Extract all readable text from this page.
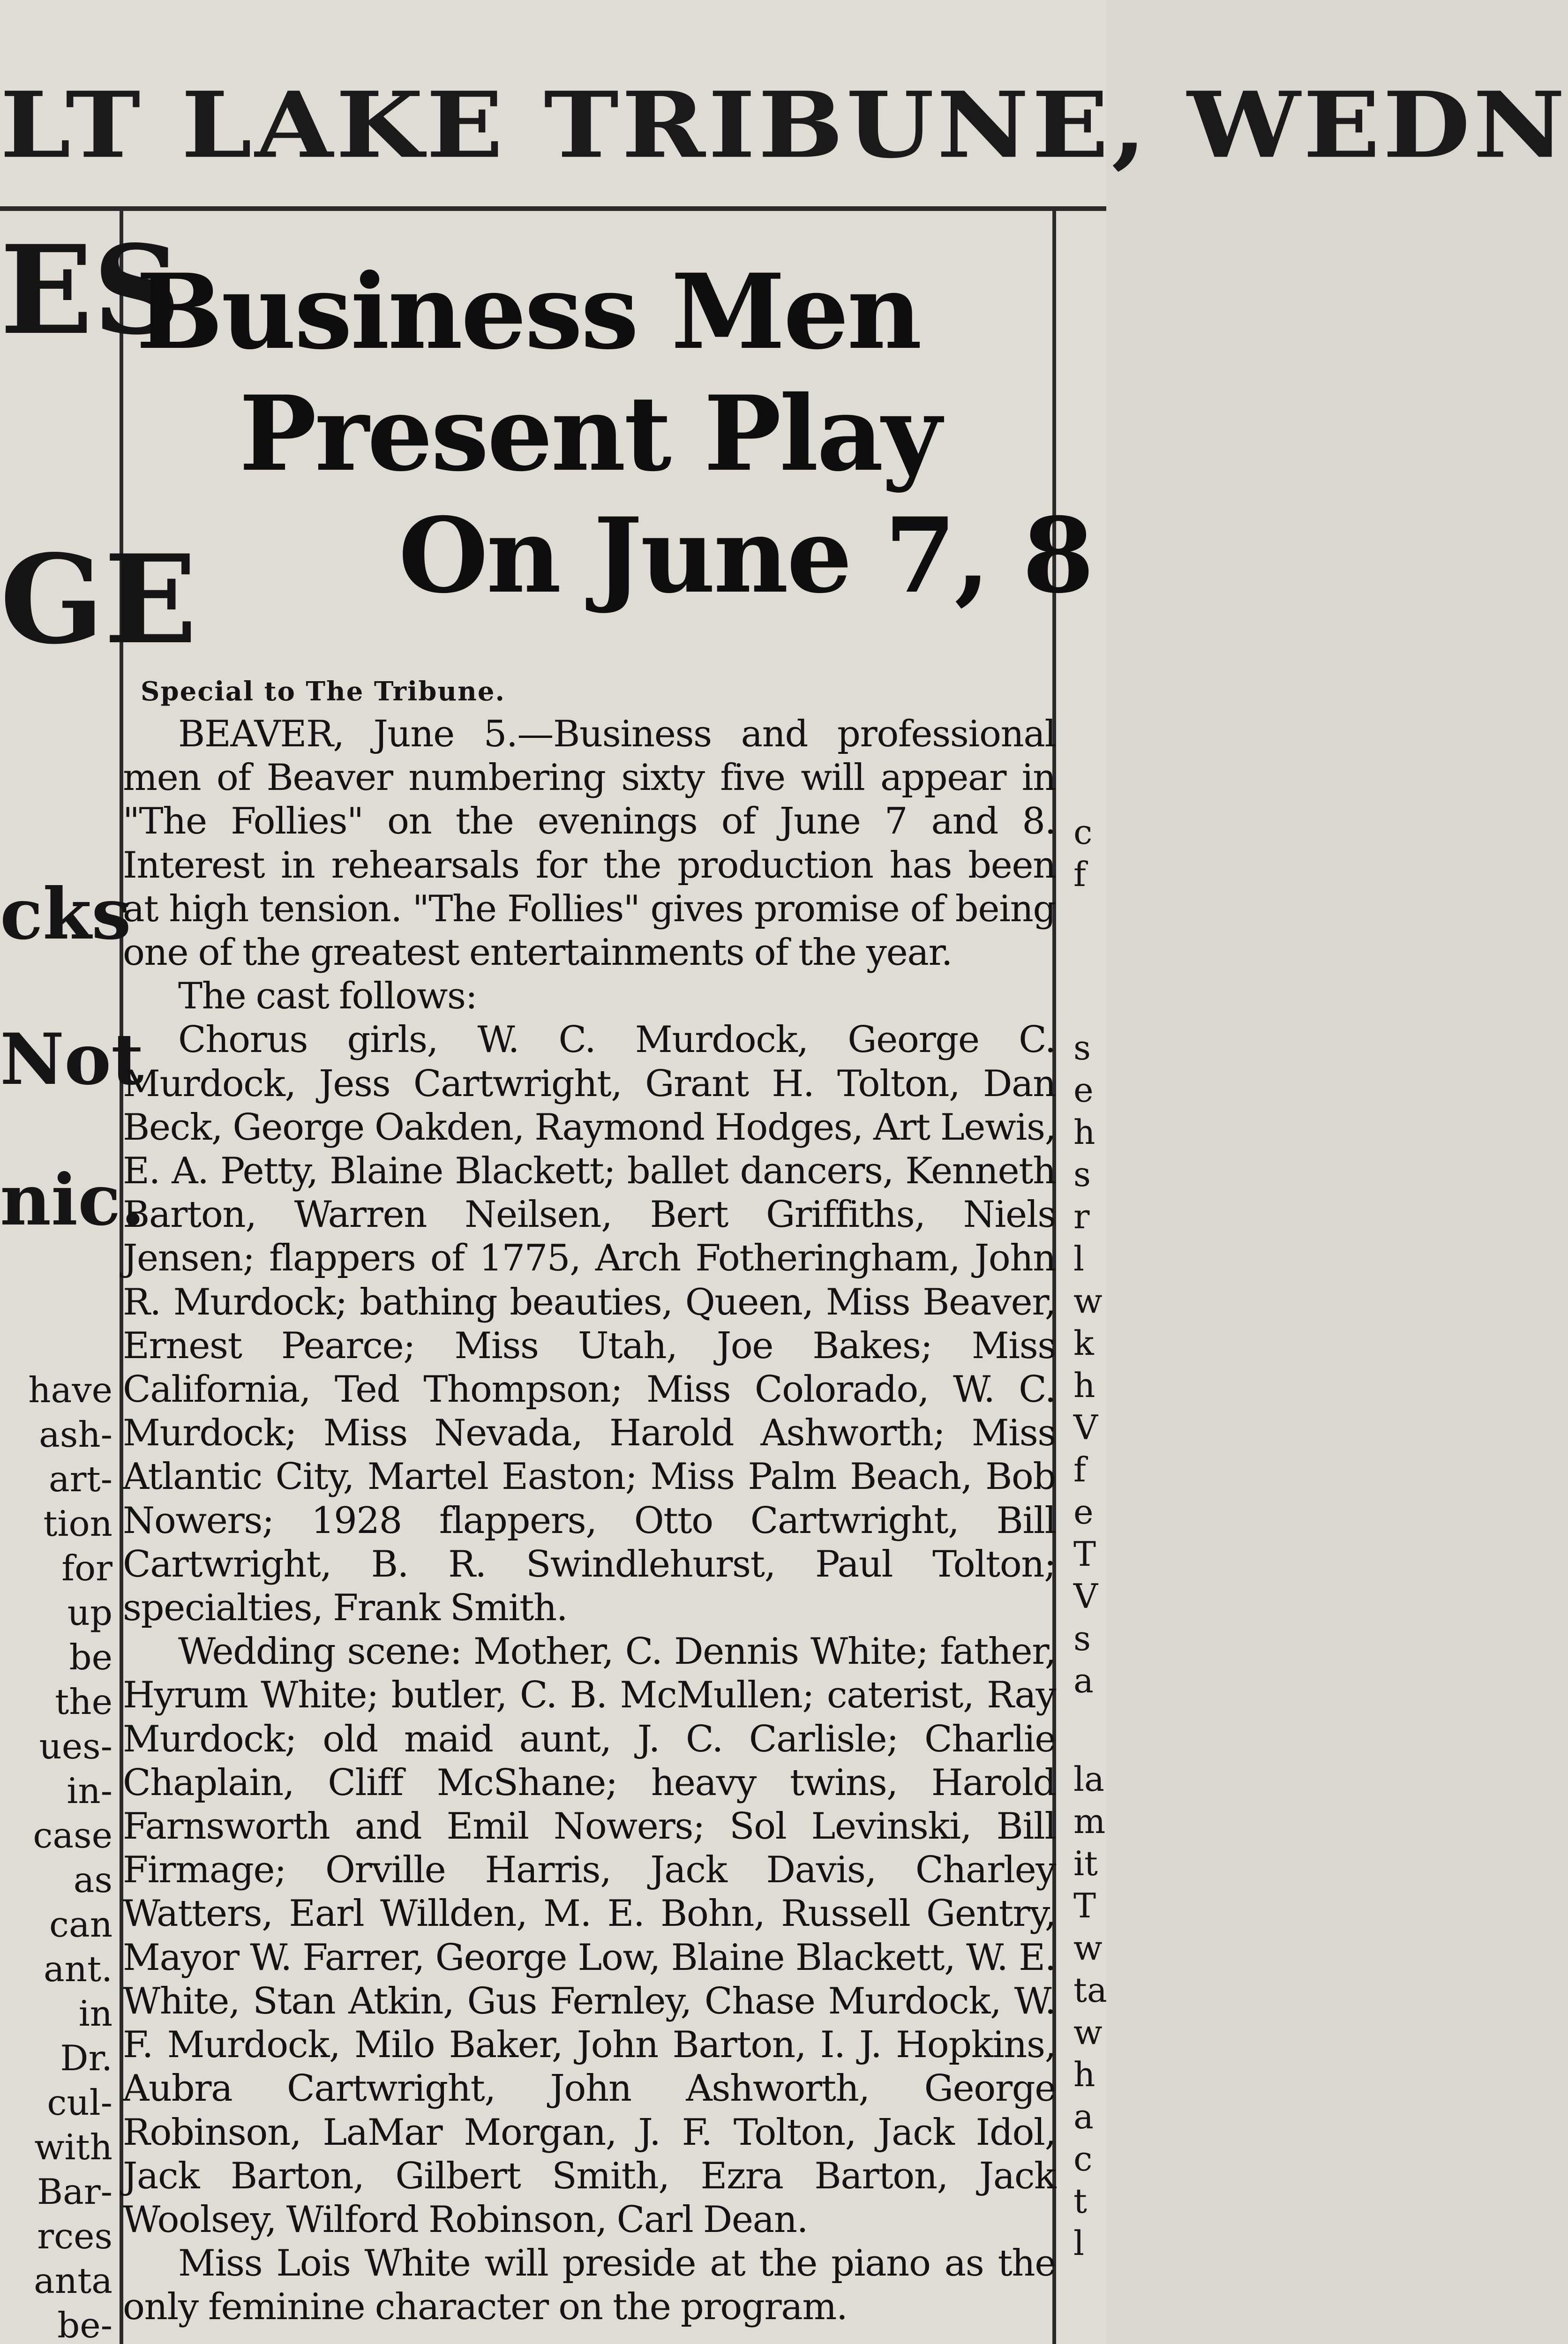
LT LAKE TRIBUNE, WEDN
ES
GE
cks
Not
nic.
have
ash-
art-
tion
for
up
be
the
ues-
in-
case
as
can
ant.
in
Dr.
cul-
with
Bar-
rces
anta
be-
c
f
s
e
h
s
r
l
w
k
h
V
f
e
T
V
s
a
la
m
it
T
w
ta
w
h
a
c
t
l
Business Men
Present Play
On June 7, 8
Special to The Tribune.

BEAVER, June 5.—Business and professional men of Beaver numbering sixty five will appear in "The Follies" on the evenings of June 7 and 8. Interest in rehearsals for the production has been at high tension. "The Follies" gives promise of being one of the greatest entertainments of the year.

The cast follows:

Chorus girls, W. C. Murdock, George C. Murdock, Jess Cartwright, Grant H. Tolton, Dan Beck, George Oakden, Raymond Hodges, Art Lewis, E. A. Petty, Blaine Blackett; ballet dancers, Kenneth Barton, Warren Neilsen, Bert Griffiths, Niels Jensen; flappers of 1775, Arch Fotheringham, John R. Murdock; bathing beauties, Queen, Miss Beaver, Ernest Pearce; Miss Utah, Joe Bakes; Miss California, Ted Thompson; Miss Colorado, W. C. Murdock; Miss Nevada, Harold Ashworth; Miss Atlantic City, Martel Easton; Miss Palm Beach, Bob Nowers; 1928 flappers, Otto Cartwright, Bill Cartwright, B. R. Swindlehurst, Paul Tolton; specialties, Frank Smith.

Wedding scene: Mother, C. Dennis White; father, Hyrum White; butler, C. B. McMullen; caterist, Ray Murdock; old maid aunt, J. C. Carlisle; Charlie Chaplain, Cliff McShane; heavy twins, Harold Farnsworth and Emil Nowers; Sol Levinski, Bill Firmage; Orville Harris, Jack Davis, Charley Watters, Earl Willden, M. E. Bohn, Russell Gentry, Mayor W. Farrer, George Low, Blaine Blackett, W. E. White, Stan Atkin, Gus Fernley, Chase Murdock, W. F. Murdock, Milo Baker, John Barton, I. J. Hopkins, Aubra Cartwright, John Ashworth, George Robinson, LaMar Morgan, J. F. Tolton, Jack Idol, Jack Barton, Gilbert Smith, Ezra Barton, Jack Woolsey, Wilford Robinson, Carl Dean.

Miss Lois White will preside at the piano as the only feminine character on the program.
